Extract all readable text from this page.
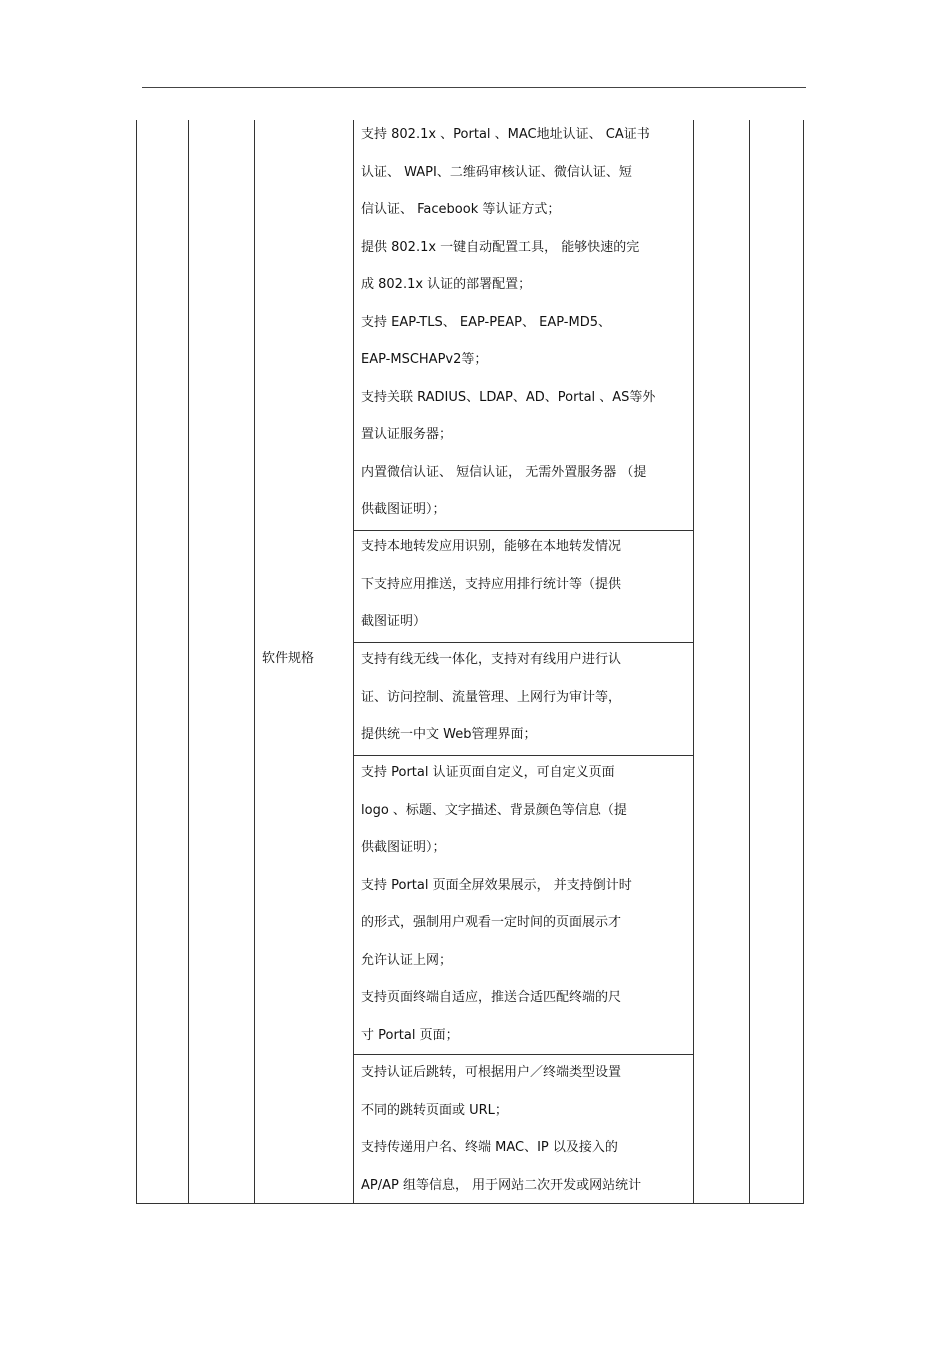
软件规格
支持 802.1x 、Portal 、MAC地址认证、 CA证书
认证、 WAPI、二维码审核认证、微信认证、短
信认证、 Facebook 等认证方式；
提供 802.1x 一键自动配置工具， 能够快速的完
成 802.1x 认证的部署配置；
支持 EAP-TLS、 EAP-PEAP、 EAP-MD5、
EAP-MSCHAPv2等；
支持关联 RADIUS、LDAP、AD、Portal 、AS等外
置认证服务器；
内置微信认证、 短信认证， 无需外置服务器 （提
供截图证明）；
支持本地转发应用识别，能够在本地转发情况
下支持应用推送，支持应用排行统计等（提供
截图证明）
支持有线无线一体化，支持对有线用户进行认
证、访问控制、流量管理、上网行为审计等，
提供统一中文 Web管理界面；
支持 Portal 认证页面自定义，可自定义页面
logo 、标题、文字描述、背景颜色等信息（提
供截图证明）；
支持 Portal 页面全屏效果展示， 并支持倒计时
的形式，强制用户观看一定时间的页面展示才
允许认证上网；
支持页面终端自适应，推送合适匹配终端的尺
寸 Portal 页面；
支持认证后跳转，可根据用户／终端类型设置
不同的跳转页面或 URL；
支持传递用户名、终端 MAC、IP 以及接入的
AP/AP 组等信息， 用于网站二次开发或网站统计
